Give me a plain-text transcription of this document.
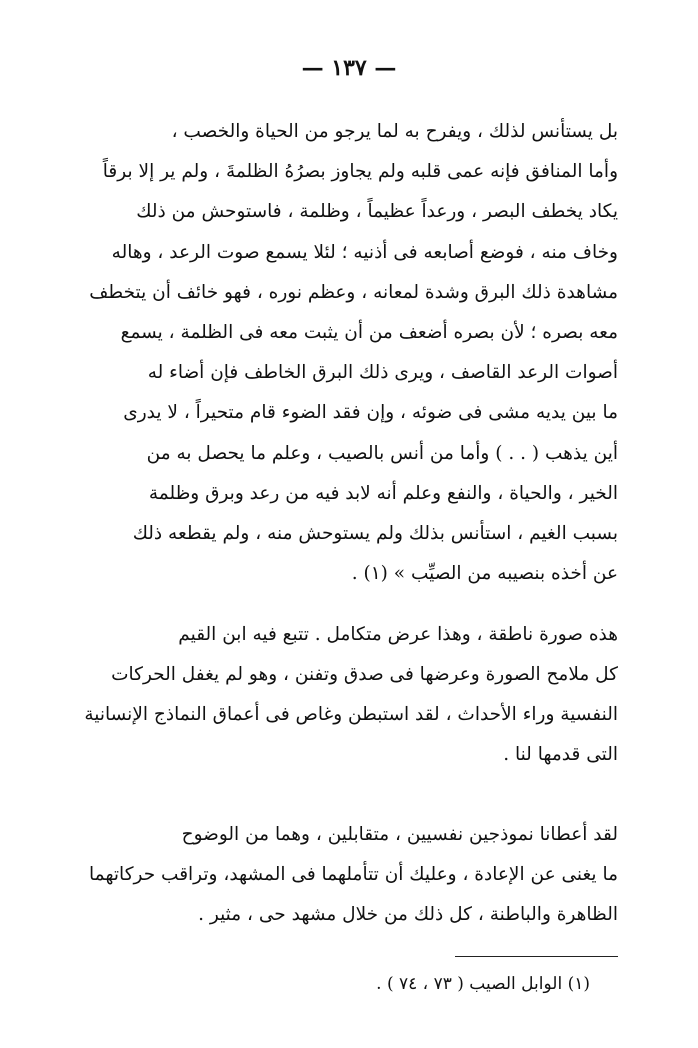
— ١٣٧ —
بل يستأنس لذلك ، ويفرح به لما يرجو من الحياة والخصب ،
وأما المنافق فإنه عمى قلبه ولم يجاوز بصرُهُ الظلمةَ ، ولم ير إلا برقاً
يكاد يخطف البصر ، ورعداً عظيماً ، وظلمة ، فاستوحش من ذلك
وخاف منه ، فوضع أصابعه فى أذنيه ؛ لئلا يسمع صوت الرعد ، وهاله
مشاهدة ذلك البرق وشدة لمعانه ، وعظم نوره ، فهو خائف أن يتخطف
معه بصره ؛ لأن بصره أضعف من أن يثبت معه فى الظلمة ، يسمع
أصوات الرعد القاصف ، ويرى ذلك البرق الخاطف فإن أضاء له
ما بين يديه مشى فى ضوئه ، وإن فقد الضوء قام متحيراً ، لا يدرى
أين يذهب ( . . ) وأما من أنس بالصيب ، وعلم ما يحصل به من
الخير ، والحياة ، والنفع وعلم أنه لابد فيه من رعد وبرق وظلمة
بسبب الغيم ، استأنس بذلك ولم يستوحش منه ، ولم يقطعه ذلك
عن أخذه بنصيبه من الصيِّب » (١) .
هذه صورة ناطقة ، وهذا عرض متكامل . تتبع فيه ابن القيم
كل ملامح الصورة وعرضها فى صدق وتفنن ، وهو لم يغفل الحركات
النفسية وراء الأحداث ، لقد استبطن وغاص فى أعماق النماذج الإنسانية
التى قدمها لنا .
لقد أعطانا نموذجين نفسيين ، متقابلين ، وهما من الوضوح
ما يغنى عن الإعادة ، وعليك أن تتأملهما فى المشهد، وتراقب حركاتهما
الظاهرة والباطنة ، كل ذلك من خلال مشهد حى ، مثير .
(١) الوابل الصيب ( ٧٣ ، ٧٤ ) .
